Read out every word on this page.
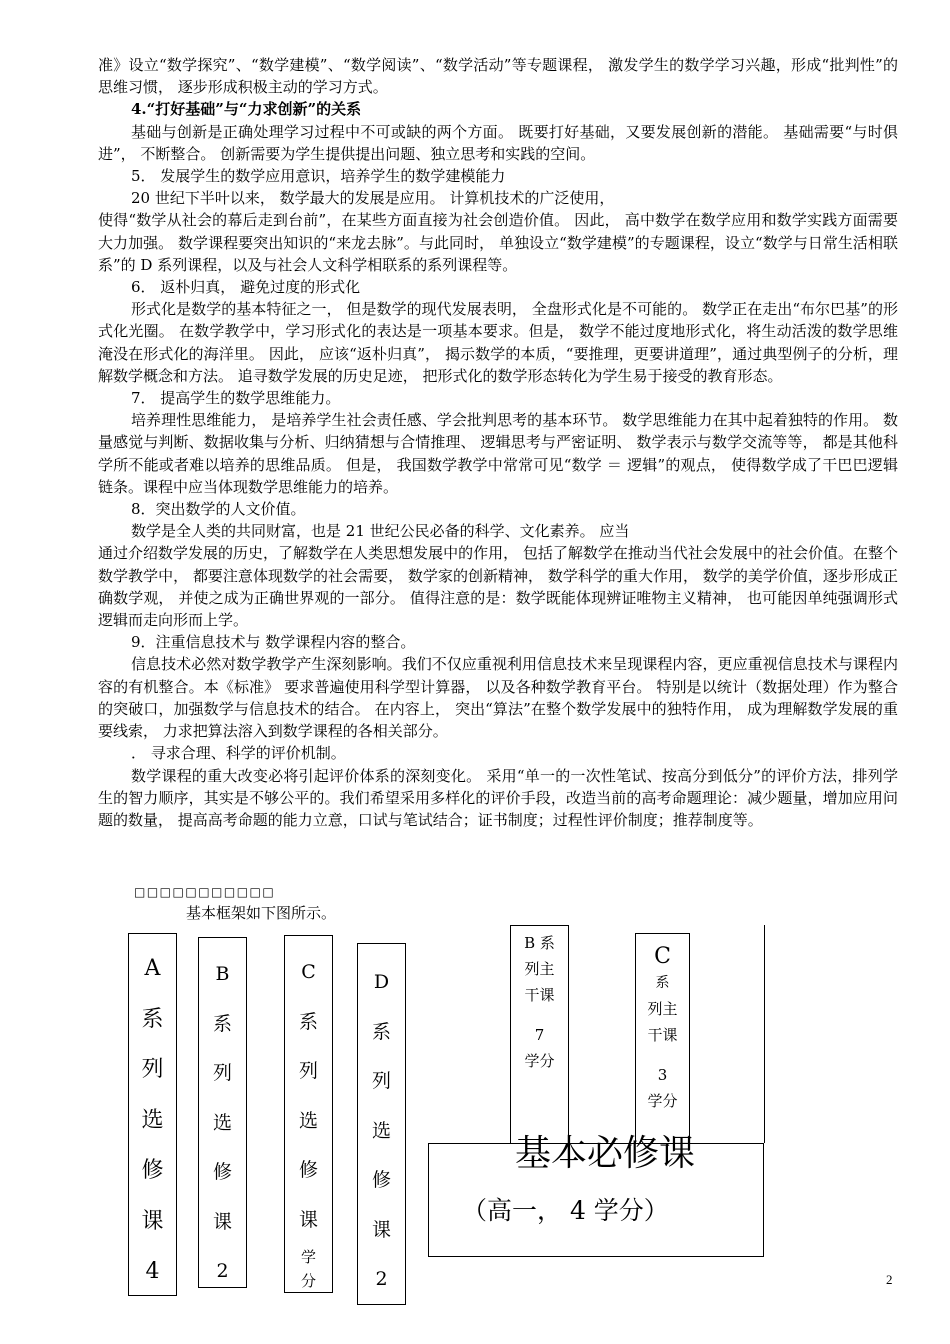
准》设立“数学探究”、“数学建模”、“数学阅读”、“数学活动”等专题课程， 激发学生的数学学习兴趣，形成“批判性”的思维习惯， 逐步形成积极主动的学习方式。

4.“打好基础”与“力求创新”的关系

基础与创新是正确处理学习过程中不可或缺的两个方面。 既要打好基础，又要发展创新的潜能。 基础需要“与时俱进”， 不断整合。 创新需要为学生提供提出问题、独立思考和实践的空间。

5． 发展学生的数学应用意识，培养学生的数学建模能力

20 世纪下半叶以来， 数学最大的发展是应用。 计算机技术的广泛使用，

使得“数学从社会的幕后走到台前”，在某些方面直接为社会创造价值。 因此， 高中数学在数学应用和数学实践方面需要大力加强。 数学课程要突出知识的“来龙去脉”。与此同时， 单独设立“数学建模”的专题课程，设立“数学与日常生活相联系”的 D 系列课程，以及与社会人文科学相联系的系列课程等。

6． 返朴归真， 避免过度的形式化

形式化是数学的基本特征之一， 但是数学的现代发展表明， 全盘形式化是不可能的。 数学正在走出“布尔巴基”的形式化光圈。 在数学教学中，学习形式化的表达是一项基本要求。但是， 数学不能过度地形式化，将生动活泼的数学思维淹没在形式化的海洋里。 因此， 应该“返朴归真”， 揭示数学的本质，“要推理，更要讲道理”，通过典型例子的分析，理解数学概念和方法。 追寻数学发展的历史足迹， 把形式化的数学形态转化为学生易于接受的教育形态。

7． 提高学生的数学思维能力。

培养理性思维能力， 是培养学生社会责任感、学会批判思考的基本环节。 数学思维能力在其中起着独特的作用。 数量感觉与判断、数据收集与分析、归纳猜想与合情推理、 逻辑思考与严密证明、 数学表示与数学交流等等， 都是其他科学所不能或者难以培养的思维品质。 但是， 我国数学教学中常常可见“数学 ＝ 逻辑”的观点， 使得数学成了干巴巴逻辑链条。课程中应当体现数学思维能力的培养。

8．突出数学的人文价值。

数学是全人类的共同财富，也是 21 世纪公民必备的科学、文化素养。 应当

通过介绍数学发展的历史，了解数学在人类思想发展中的作用， 包括了解数学在推动当代社会发展中的社会价值。在整个数学教学中， 都要注意体现数学的社会需要， 数学家的创新精神， 数学科学的重大作用， 数学的美学价值，逐步形成正确数学观， 并使之成为正确世界观的一部分。 值得注意的是：数学既能体现辨证唯物主义精神， 也可能因单纯强调形式逻辑而走向形而上学。

9．注重信息技术与 数学课程内容的整合。

信息技术必然对数学教学产生深刻影响。我们不仅应重视利用信息技术来呈现课程内容，更应重视信息技术与课程内容的有机整合。本《标准》 要求普遍使用科学型计算器， 以及各种数学教育平台。 特别是以统计（数据处理）作为整合的突破口，加强数学与信息技术的结合。 在内容上， 突出“算法”在整个数学发展中的独特作用， 成为理解数学发展的重要线索， 力求把算法溶入到数学课程的各相关部分。

． 寻求合理、科学的评价机制。

数学课程的重大改变必将引起评价体系的深刻变化。 采用“单一的一次性笔试、按高分到低分”的评价方法，排列学生的智力顺序，其实是不够公平的。我们希望采用多样化的评价手段，改造当前的高考命题理论：减少题量，增加应用问题的数量， 提高高考命题的能力立意，口试与笔试结合；证书制度；过程性评价制度；推荐制度等。

□□□□□□□□□□□
基本框架如下图所示。
A
系
列
选
修
课
4
B
系
列
选
修
课
2
C
系
列
选
修
课
学
分
D
系
列
选
修
课
2
B 系
列主
干课
7
学分
C
系
列主
干课
3
学分
基本必修课
（高一， 4 学分）
2
